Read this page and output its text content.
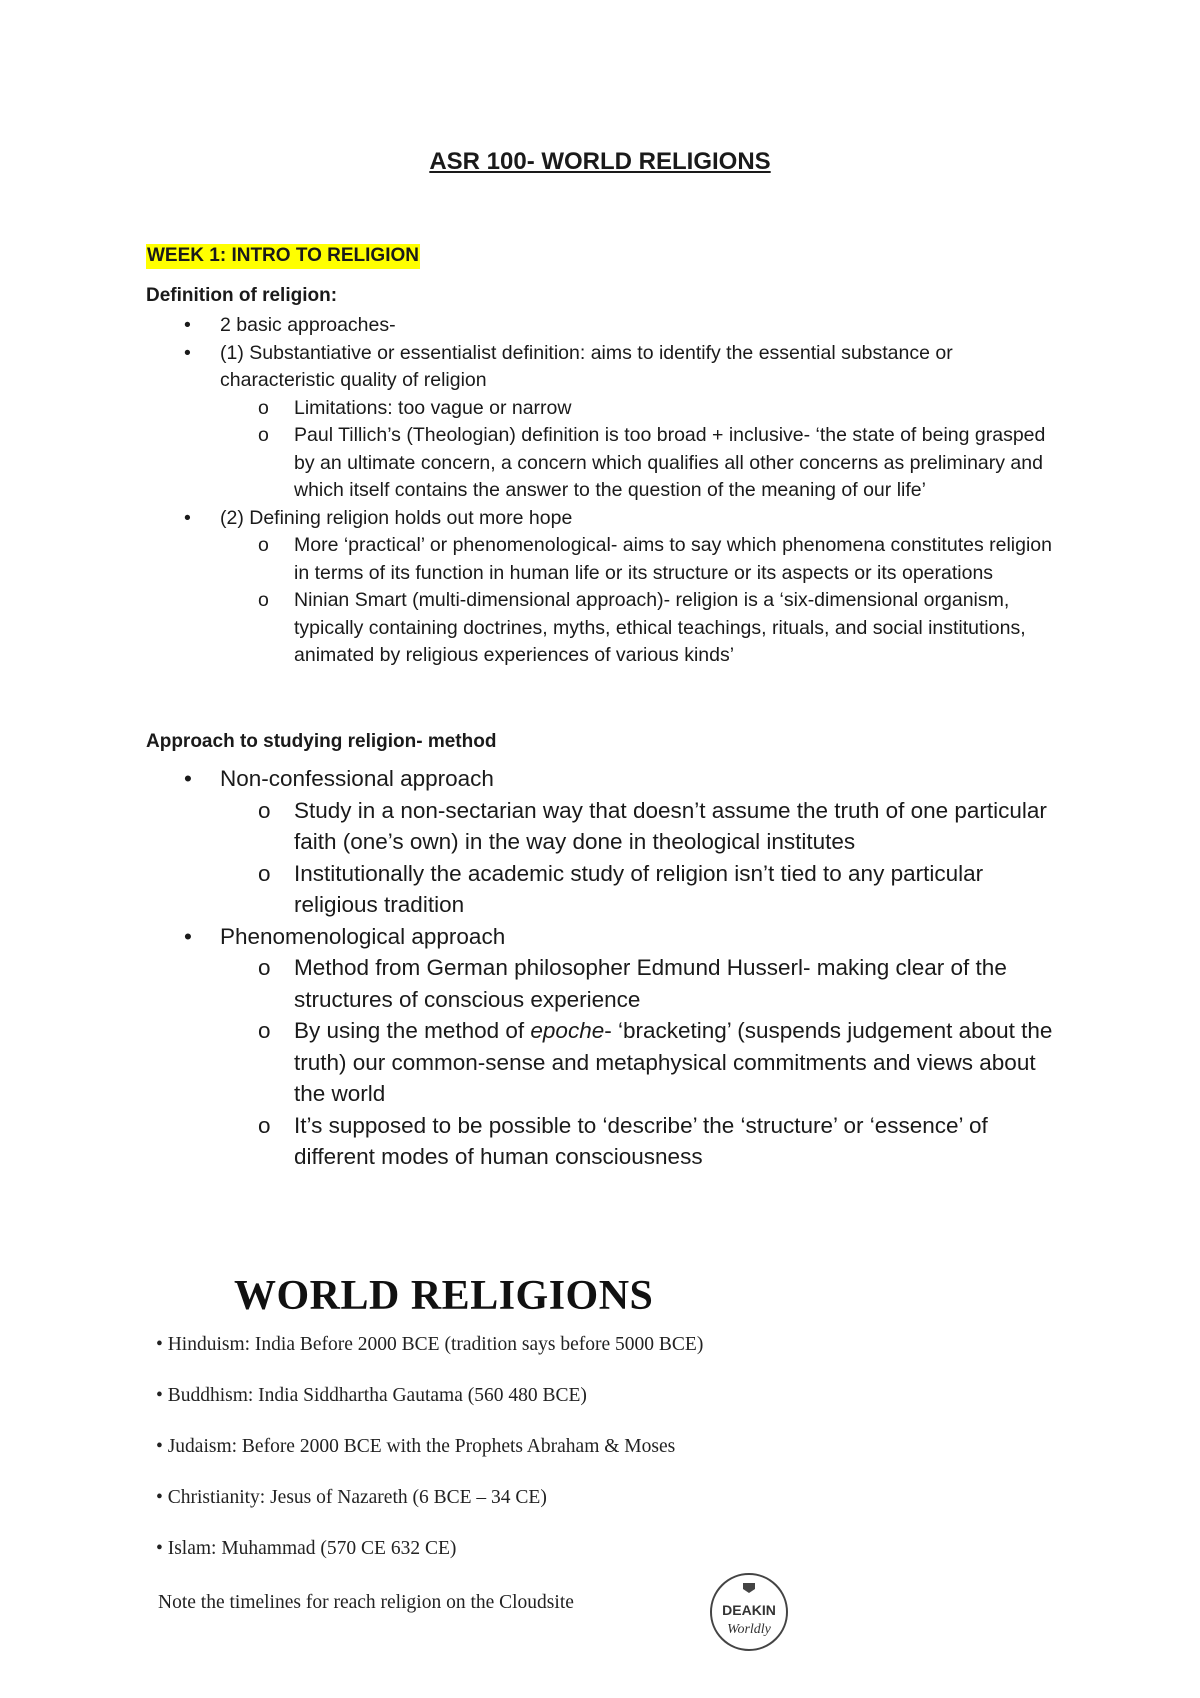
ASR 100- WORLD RELIGIONS
WEEK 1: INTRO TO RELIGION
Definition of religion:
• 2 basic approaches-
• (1) Substantiative or essentialist definition: aims to identify the essential substance or characteristic quality of religion
o Limitations: too vague or narrow
o Paul Tillich’s (Theologian) definition is too broad + inclusive- ‘the state of being grasped by an ultimate concern, a concern which qualifies all other concerns as preliminary and which itself contains the answer to the question of the meaning of our life’
• (2) Defining religion holds out more hope
o More ‘practical’ or phenomenological- aims to say which phenomena constitutes religion in terms of its function in human life or its structure or its aspects or its operations
o Ninian Smart (multi-dimensional approach)- religion is a ‘six-dimensional organism, typically containing doctrines, myths, ethical teachings, rituals, and social institutions, animated by religious experiences of various kinds’
Approach to studying religion- method
• Non-confessional approach
o Study in a non-sectarian way that doesn’t assume the truth of one particular faith (one’s own) in the way done in theological institutes
o Institutionally the academic study of religion isn’t tied to any particular religious tradition
• Phenomenological approach
o Method from German philosopher Edmund Husserl- making clear of the structures of conscious experience
o By using the method of epoche- ‘bracketing’ (suspends judgement about the truth) our common-sense and metaphysical commitments and views about the world
o It’s supposed to be possible to ‘describe’ the ‘structure’ or ‘essence’ of different modes of human consciousness
WORLD RELIGIONS
• Hinduism: India Before 2000 BCE (tradition says before 5000 BCE)
• Buddhism: India Siddhartha Gautama (560 480 BCE)
• Judaism: Before 2000 BCE with the Prophets Abraham & Moses
• Christianity: Jesus of Nazareth (6 BCE – 34 CE)
• Islam: Muhammad (570 CE 632 CE)
Note the timelines for reach religion on the Cloudsite	DEAKIN
Worldly
